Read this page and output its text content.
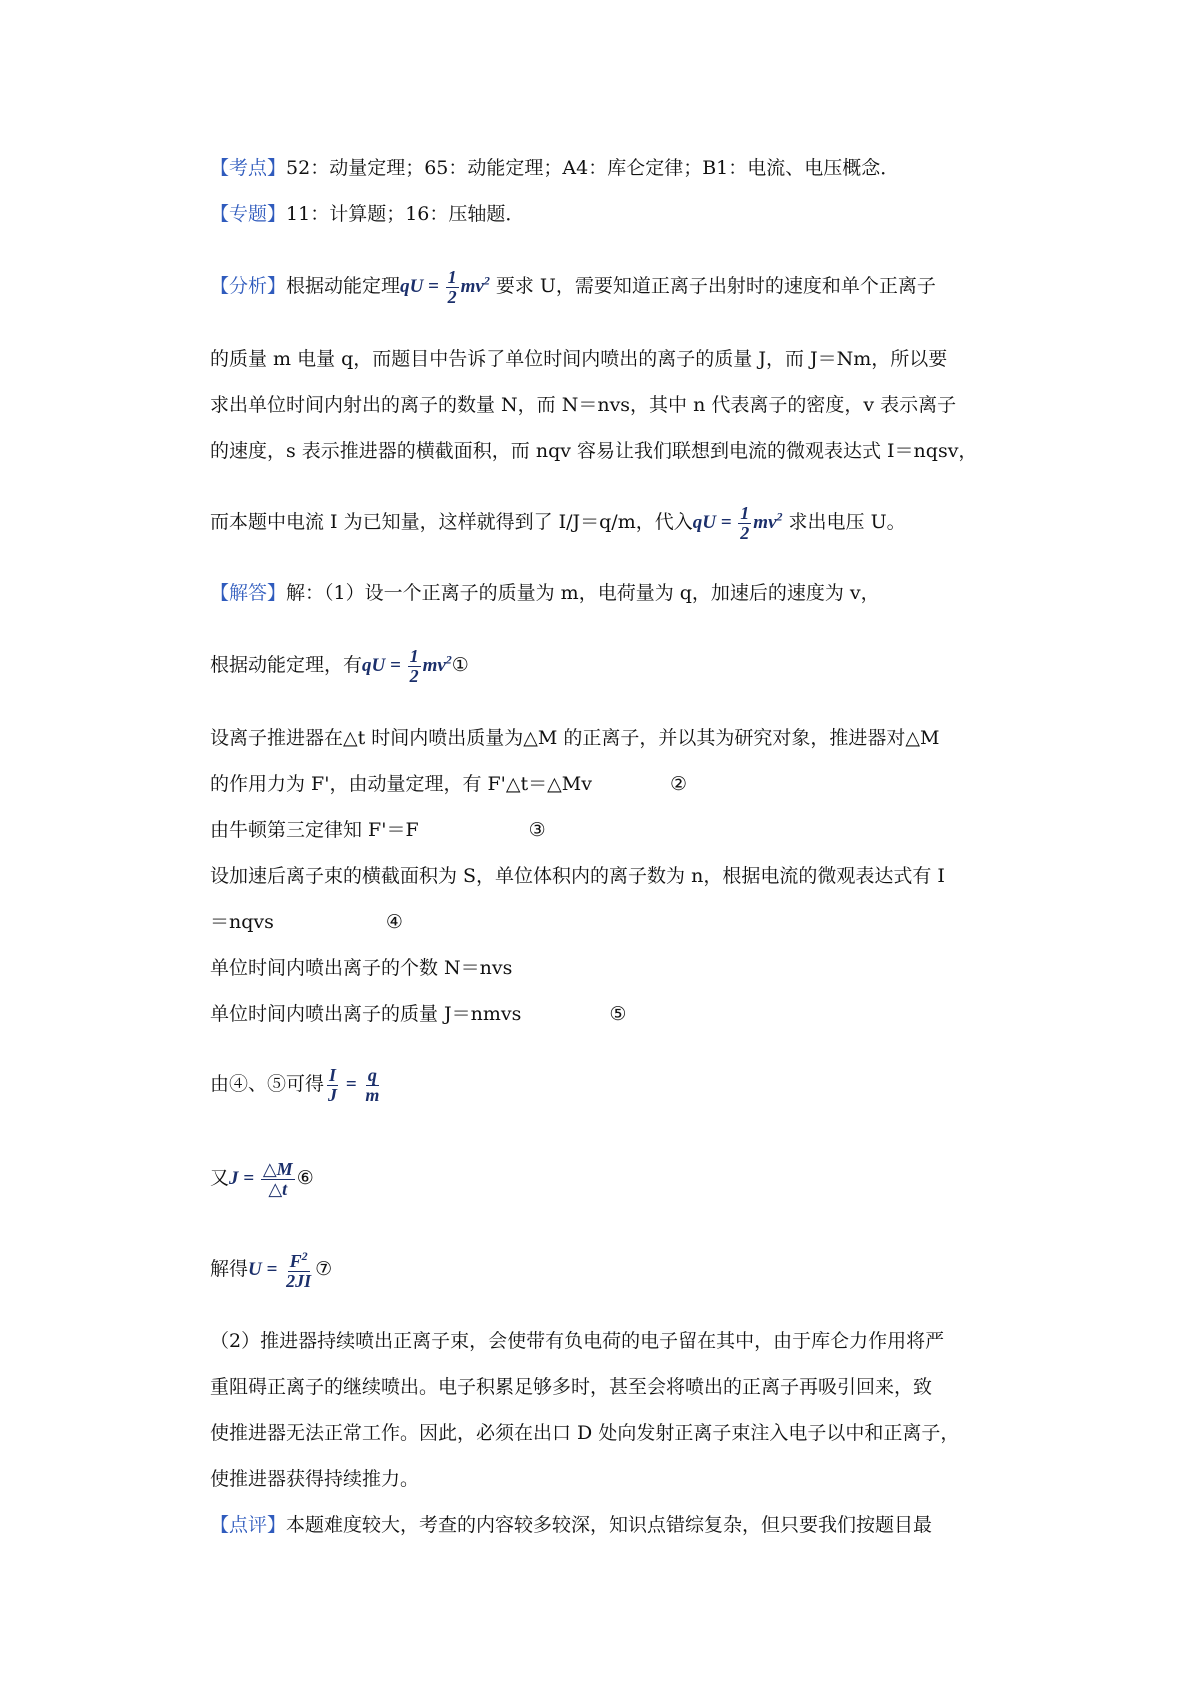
【考点】52：动量定理；65：动能定理；A4：库仑定律；B1：电流、电压概念．
【专题】11：计算题；16：压轴题．
【分析】根据动能定理qU = $\frac{1}{2} mv^2$ 要求 U，需要知道正离子出射时的速度和单个正离子
的质量 m 电量 q，而题目中告诉了单位时间内喷出的离子的质量 J，而 J＝Nm，所以要
求出单位时间内射出的离子的数量 N，而 N＝nvs，其中 n 代表离子的密度，v 表示离子
的速度，s 表示推进器的横截面积，而 nqv 容易让我们联想到电流的微观表达式 I＝nqsv，
而本题中电流 I 为已知量，这样就得到了 I/J＝q/m，代入qU = $\frac{1}{2} mv^2$ 求出电压 U。
【解答】解：（1）设一个正离子的质量为 m，电荷量为 q，加速后的速度为 v，
根据动能定理，有qU = $\frac{1}{2}$ $mv^2①$
设离子推进器在△t 时间内喷出质量为△M 的正离子，并以其为研究对象，推进器对△M
的作用力为 F'，由动量定理，有 F'△t＝△Mv	②
由牛顿第三定律知 F'＝F	③
设加速后离子束的横截面积为 S，单位体积内的离子数为 n，根据电流的微观表达式有 I
＝nqvs	④
单位时间内喷出离子的个数 N＝nvs
单位时间内喷出离子的质量 J＝nmvs	⑤
由④、⑤可得 $\frac{I}{J} = \frac{q}{m}$
又$J = \frac{\triangle M}{\triangle t}$ ⑥
解得$U = \frac{F^2}{2JI}$ ⑦
（2）推进器持续喷出正离子束，会使带有负电荷的电子留在其中，由于库仑力作用将严
重阻碍正离子的继续喷出。电子积累足够多时，甚至会将喷出的正离子再吸引回来，致
使推进器无法正常工作。因此，必须在出口 D 处向发射正离子束注入电子以中和正离子，
使推进器获得持续推力。
【点评】本题难度较大，考查的内容较多较深，知识点错综复杂，但只要我们按题目最
